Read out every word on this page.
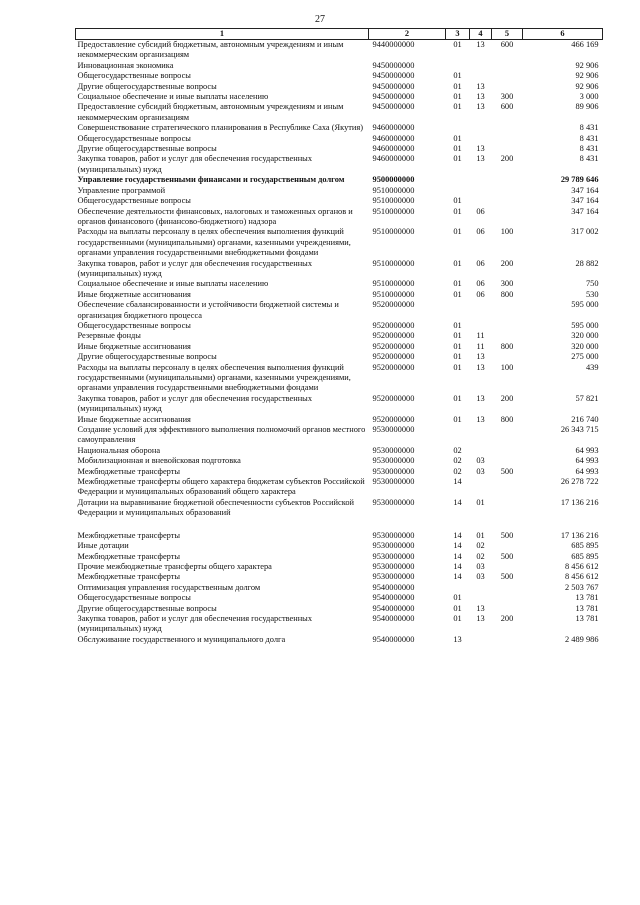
27
1	2	3	4	5	6
Предоставление субсидий бюджетным, автономным учреждениям и иным некоммерческим организациям	9440000000	01	13	600	466 169
Инновационная экономика	9450000000				92 906
Общегосударственные вопросы	9450000000	01			92 906
Другие общегосударственные вопросы	9450000000	01	13		92 906
Социальное обеспечение и иные выплаты населению	9450000000	01	13	300	3 000
Предоставление субсидий бюджетным, автономным учреждениям и иным некоммерческим организациям	9450000000	01	13	600	89 906
Совершенствование стратегического планирования в Республике Саха (Якутия)	9460000000				8 431
Общегосударственные вопросы	9460000000	01			8 431
Другие общегосударственные вопросы	9460000000	01	13		8 431
Закупка товаров, работ и услуг для обеспечения государственных (муниципальных) нужд	9460000000	01	13	200	8 431
Управление государственными финансами и государственным долгом	9500000000				29 789 646
Управление программой	9510000000				347 164
Общегосударственные вопросы	9510000000	01			347 164
Обеспечение деятельности финансовых, налоговых и таможенных органов и органов финансового (финансово-бюджетного) надзора	9510000000	01	06		347 164
Расходы на выплаты персоналу в целях обеспечения выполнения функций государственными (муниципальными) органами, казенными учреждениями, органами управления государственными внебюджетными фондами	9510000000	01	06	100	317 002
Закупка товаров, работ и услуг для обеспечения государственных (муниципальных) нужд	9510000000	01	06	200	28 882
Социальное обеспечение и иные выплаты населению	9510000000	01	06	300	750
Иные бюджетные ассигнования	9510000000	01	06	800	530
Обеспечение сбалансированности и устойчивости бюджетной системы и организация бюджетного процесса	9520000000				595 000
Общегосударственные вопросы	9520000000	01			595 000
Резервные фонды	9520000000	01	11		320 000
Иные бюджетные ассигнования	9520000000	01	11	800	320 000
Другие общегосударственные вопросы	9520000000	01	13		275 000
Расходы на выплаты персоналу в целях обеспечения выполнения функций государственными (муниципальными) органами, казенными учреждениями, органами управления государственными внебюджетными фондами	9520000000	01	13	100	439
Закупка товаров, работ и услуг для обеспечения государственных (муниципальных) нужд	9520000000	01	13	200	57 821
Иные бюджетные ассигнования	9520000000	01	13	800	216 740
Создание условий для эффективного выполнения полномочий органов местного самоуправления	9530000000				26 343 715
Национальная оборона	9530000000	02			64 993
Мобилизационная и вневойсковая подготовка	9530000000	02	03		64 993
Межбюджетные трансферты	9530000000	02	03	500	64 993
Межбюджетные трансферты общего характера бюджетам субъектов Российской Федерации и муниципальных образований общего характера	9530000000	14			26 278 722
Дотации на выравнивание бюджетной обеспеченности субъектов Российской Федерации и муниципальных образований	9530000000	14	01		17 136 216
Межбюджетные трансферты	9530000000	14	01	500	17 136 216
Иные дотации	9530000000	14	02		685 895
Межбюджетные трансферты	9530000000	14	02	500	685 895
Прочие межбюджетные трансферты общего характера	9530000000	14	03		8 456 612
Межбюджетные трансферты	9530000000	14	03	500	8 456 612
Оптимизация управления государственным долгом	9540000000				2 503 767
Общегосударственные вопросы	9540000000	01			13 781
Другие общегосударственные вопросы	9540000000	01	13		13 781
Закупка товаров, работ и услуг для обеспечения государственных (муниципальных) нужд	9540000000	01	13	200	13 781
Обслуживание государственного и муниципального долга	9540000000	13			2 489 986
